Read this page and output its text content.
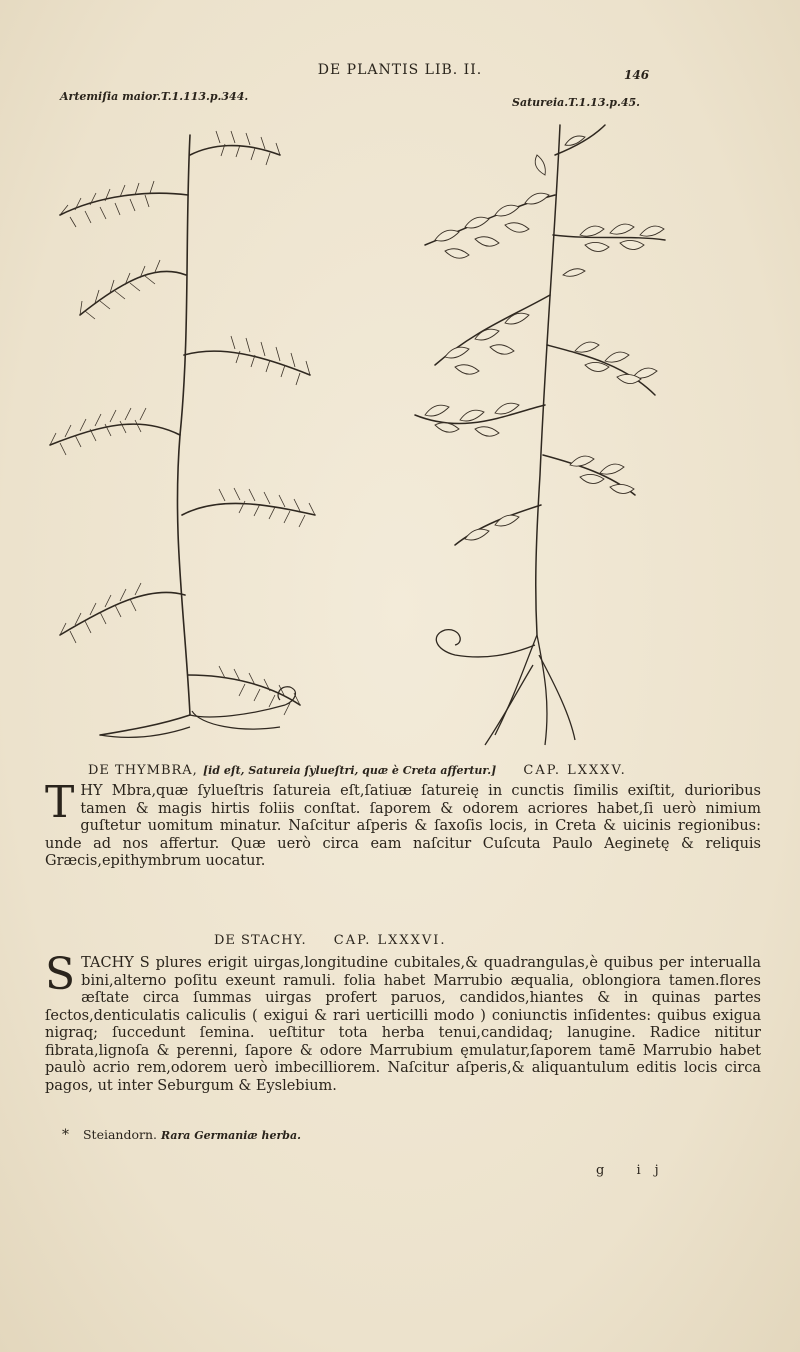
DE PLANTIS LIB. II.	146
Artemiſia maior.T.1.113.p.344.	Satureia.T.1.13.p.45.
DE THYMBRA, [id eſt, Satureia ſylueſtri, quæ è Creta affertur.] CAP. LXXXV.
THY Mbra,quæ ſylueſtris ſatureia eſt,ſatiuæ ſatureię in cunctis ſimilis exiſtit, durioribus tamen & magis hirtis foliis conſtat. ſaporem & odorem acriores habet,ſi uerò nimium guſtetur uomitum minatur. Naſcitur aſperis & ſaxoſis locis, in Creta & uicinis regionibus: unde ad nos affertur. Quæ uerò circa eam naſcitur Cuſcuta Paulo Aeginetę & reliquis Græcis,epithymbrum uocatur.
DE STACHY. CAP. LXXXVI.
STACHY S plures erigit uirgas,longitudine cubitales,& quadrangulas,è quibus per interualla bini,alterno poſitu exeunt ramuli. folia habet Marrubio æqualia, oblongiora tamen.flores æſtate circa ſummas uirgas profert paruos, candidos,hiantes & in quinas partes ſectos,denticulatis caliculis ( exigui & rari uerticilli modo ) coniunctis inſidentes: quibus exigua nigraq; ſuccedunt ſemina. ueſtitur tota herba tenui,candidaq; lanugine. Radice nititur fibrata,lignoſa & perenni, ſapore & odore Marrubium ęmulatur,ſaporem tamē Marrubio habet paulò acrio rem,odorem uerò imbecilliorem. Naſcitur aſperis,& aliquantulum editis locis circa pagos, ut inter Seburgum & Eyslebium.
* Steiandorn. Rara Germaniæ herba.
g ij
